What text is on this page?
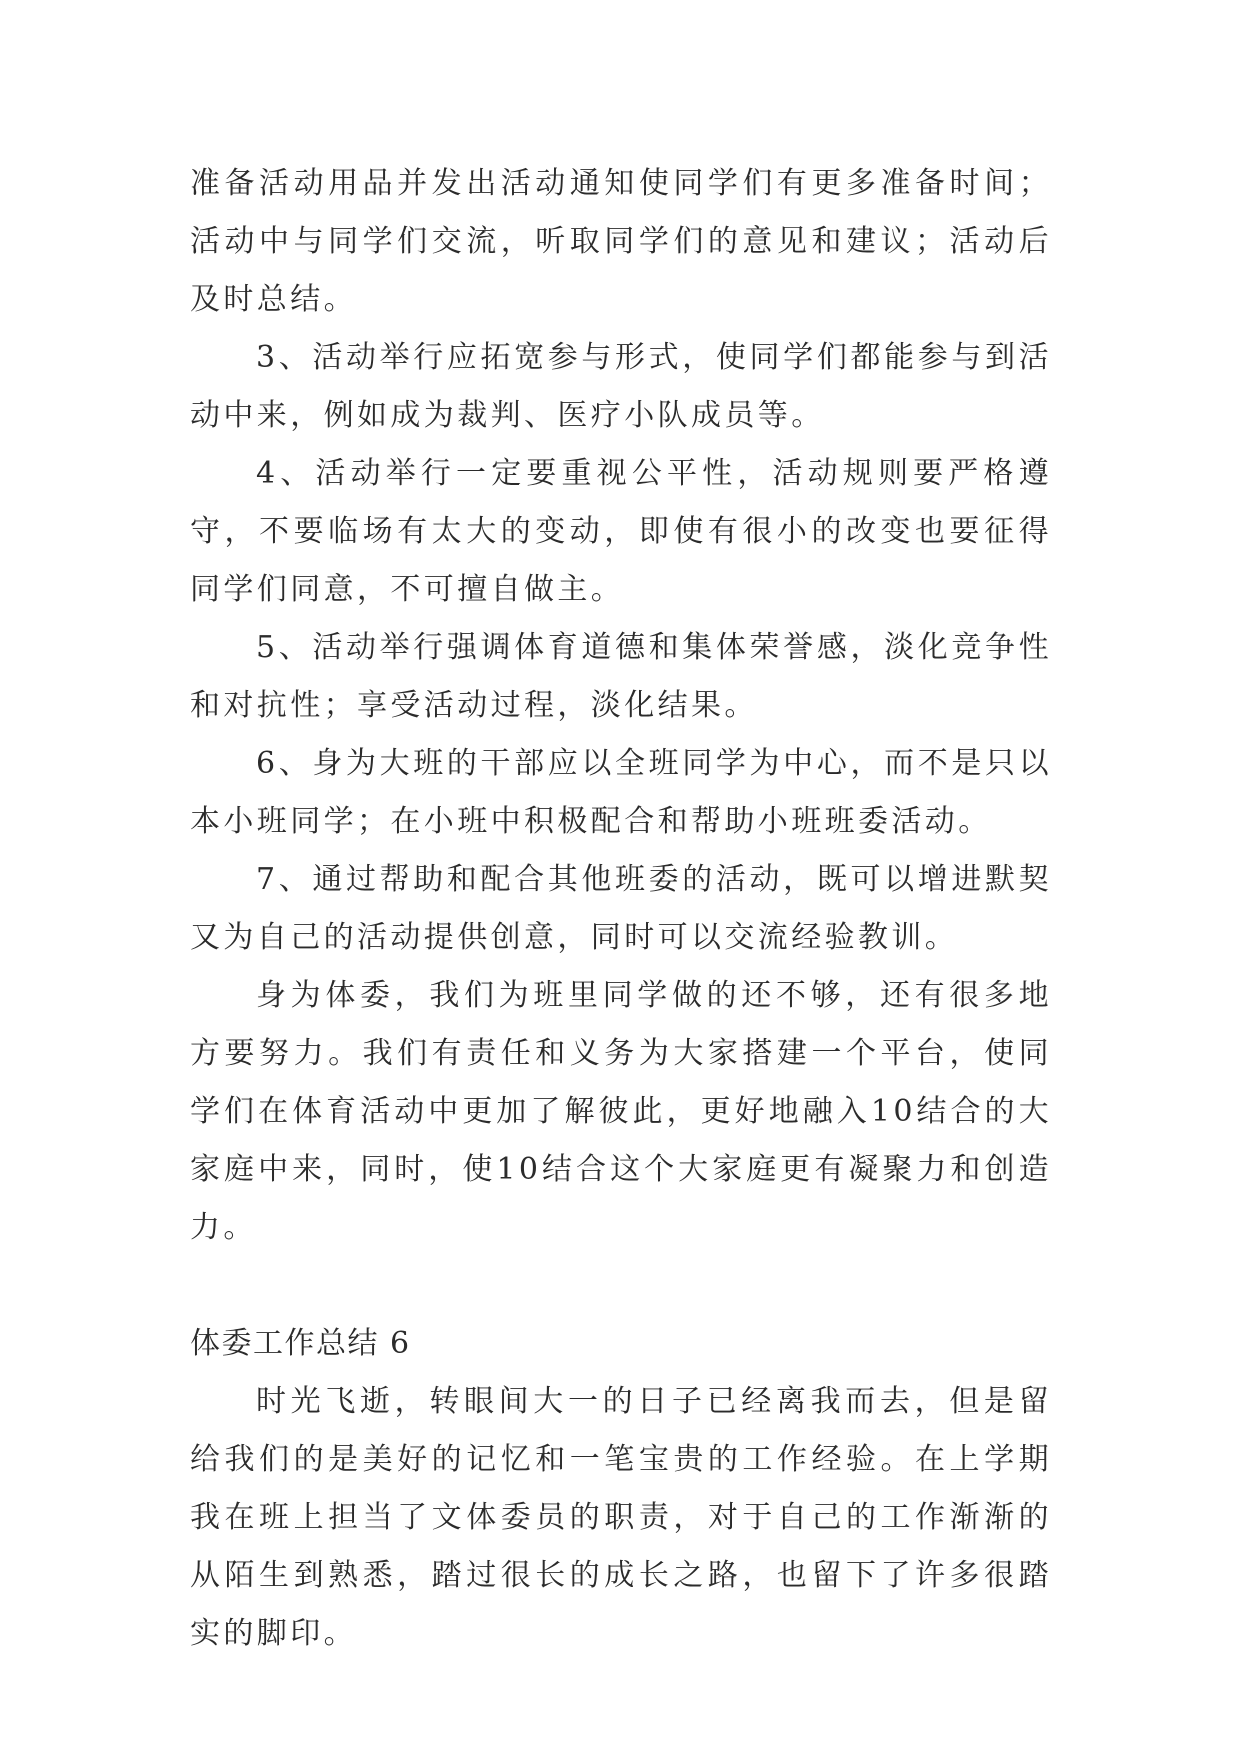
准备活动用品并发出活动通知使同学们有更多准备时间；活动中与同学们交流，听取同学们的意见和建议；活动后及时总结。

3、活动举行应拓宽参与形式，使同学们都能参与到活动中来，例如成为裁判、医疗小队成员等。

4、活动举行一定要重视公平性，活动规则要严格遵守，不要临场有太大的变动，即使有很小的改变也要征得同学们同意，不可擅自做主。

5、活动举行强调体育道德和集体荣誉感，淡化竞争性和对抗性；享受活动过程，淡化结果。

6、身为大班的干部应以全班同学为中心，而不是只以本小班同学；在小班中积极配合和帮助小班班委活动。

7、通过帮助和配合其他班委的活动，既可以增进默契又为自己的活动提供创意，同时可以交流经验教训。

身为体委，我们为班里同学做的还不够，还有很多地方要努力。我们有责任和义务为大家搭建一个平台，使同学们在体育活动中更加了解彼此，更好地融入10结合的大家庭中来，同时，使10结合这个大家庭更有凝聚力和创造力。

体委工作总结 6

时光飞逝，转眼间大一的日子已经离我而去，但是留给我们的是美好的记忆和一笔宝贵的工作经验。在上学期我在班上担当了文体委员的职责，对于自己的工作渐渐的从陌生到熟悉，踏过很长的成长之路，也留下了许多很踏实的脚印。
